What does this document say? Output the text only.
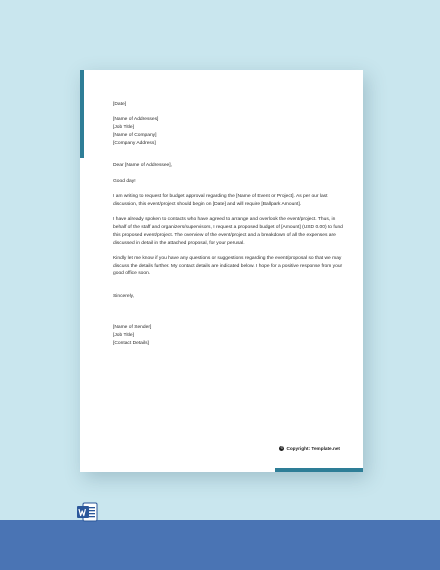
[Date]
[Name of Addresses]
[Job Title]
[Name of Company]
[Company Address]
Dear [Name of Addressee],
Good day!
I am writing to request for budget approval regarding the [Name of Event or Project]. As per our last discussion, this event/project should begin on [Date] and will require [Ballpark Amount].
I have already spoken to contacts who have agreed to arrange and overlook the event/project. Thus, in behalf of the staff and organizers/supervisors, I request a proposed budget of [Amount] (USD 0.00) to fund this proposed event/project. The overview of the event/project and a breakdown of all the expenses are discussed in detail in the attached proposal, for your perusal.
Kindly let me know if you have any questions or suggestions regarding the event/proposal so that we may discuss the details further. My contact details are indicated below. I hope for a positive response from your good office soon.
Sincerely,
[Name of Sender]
[Job Title]
[Contact Details]
© Copyright: Template.net
